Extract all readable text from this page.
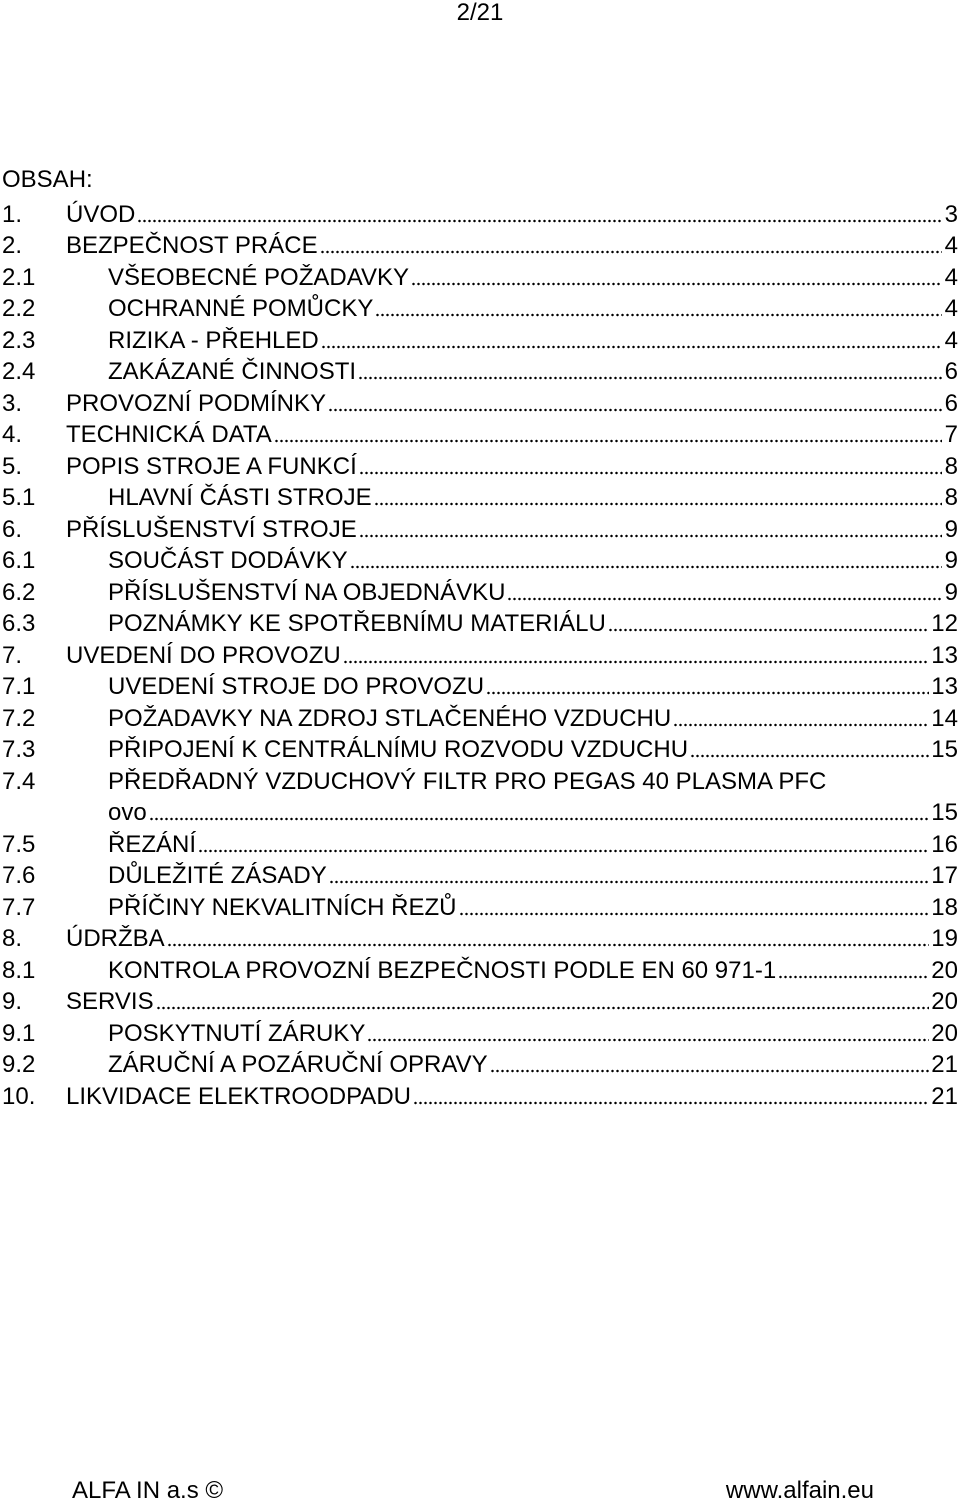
2/21
OBSAH:
1.	ÚVOD	3
2.	BEZPEČNOST PRÁCE	4
2.1	VŠEOBECNÉ POŽADAVKY	4
2.2	OCHRANNÉ POMŮCKY	4
2.3	RIZIKA - PŘEHLED	4
2.4	ZAKÁZANÉ ČINNOSTI	6
3.	PROVOZNÍ PODMÍNKY	6
4.	TECHNICKÁ DATA	7
5.	POPIS STROJE A FUNKCÍ	8
5.1	HLAVNÍ ČÁSTI STROJE	8
6.	PŘÍSLUŠENSTVÍ STROJE	9
6.1	SOUČÁST DODÁVKY	9
6.2	PŘÍSLUŠENSTVÍ NA OBJEDNÁVKU	9
6.3	POZNÁMKY KE SPOTŘEBNÍMU MATERIÁLU	12
7.	UVEDENÍ DO PROVOZU	13
7.1	UVEDENÍ STROJE DO PROVOZU	13
7.2	POŽADAVKY NA ZDROJ STLAČENÉHO VZDUCHU	14
7.3	PŘIPOJENÍ K CENTRÁLNÍMU ROZVODU VZDUCHU	15
7.4	PŘEDŘADNÝ VZDUCHOVÝ FILTR PRO PEGAS 40 PLASMA PFC
ovo	15
7.5	ŘEZÁNÍ	16
7.6	DŮLEŽITÉ ZÁSADY	17
7.7	PŘÍČINY NEKVALITNÍCH ŘEZŮ	18
8.	ÚDRŽBA	19
8.1	KONTROLA PROVOZNÍ BEZPEČNOSTI PODLE EN 60 971-1	20
9.	SERVIS	20
9.1	POSKYTNUTÍ ZÁRUKY	20
9.2	ZÁRUČNÍ A POZÁRUČNÍ OPRAVY	21
10.	LIKVIDACE ELEKTROODPADU	21
ALFA IN a.s ©	www.alfain.eu
